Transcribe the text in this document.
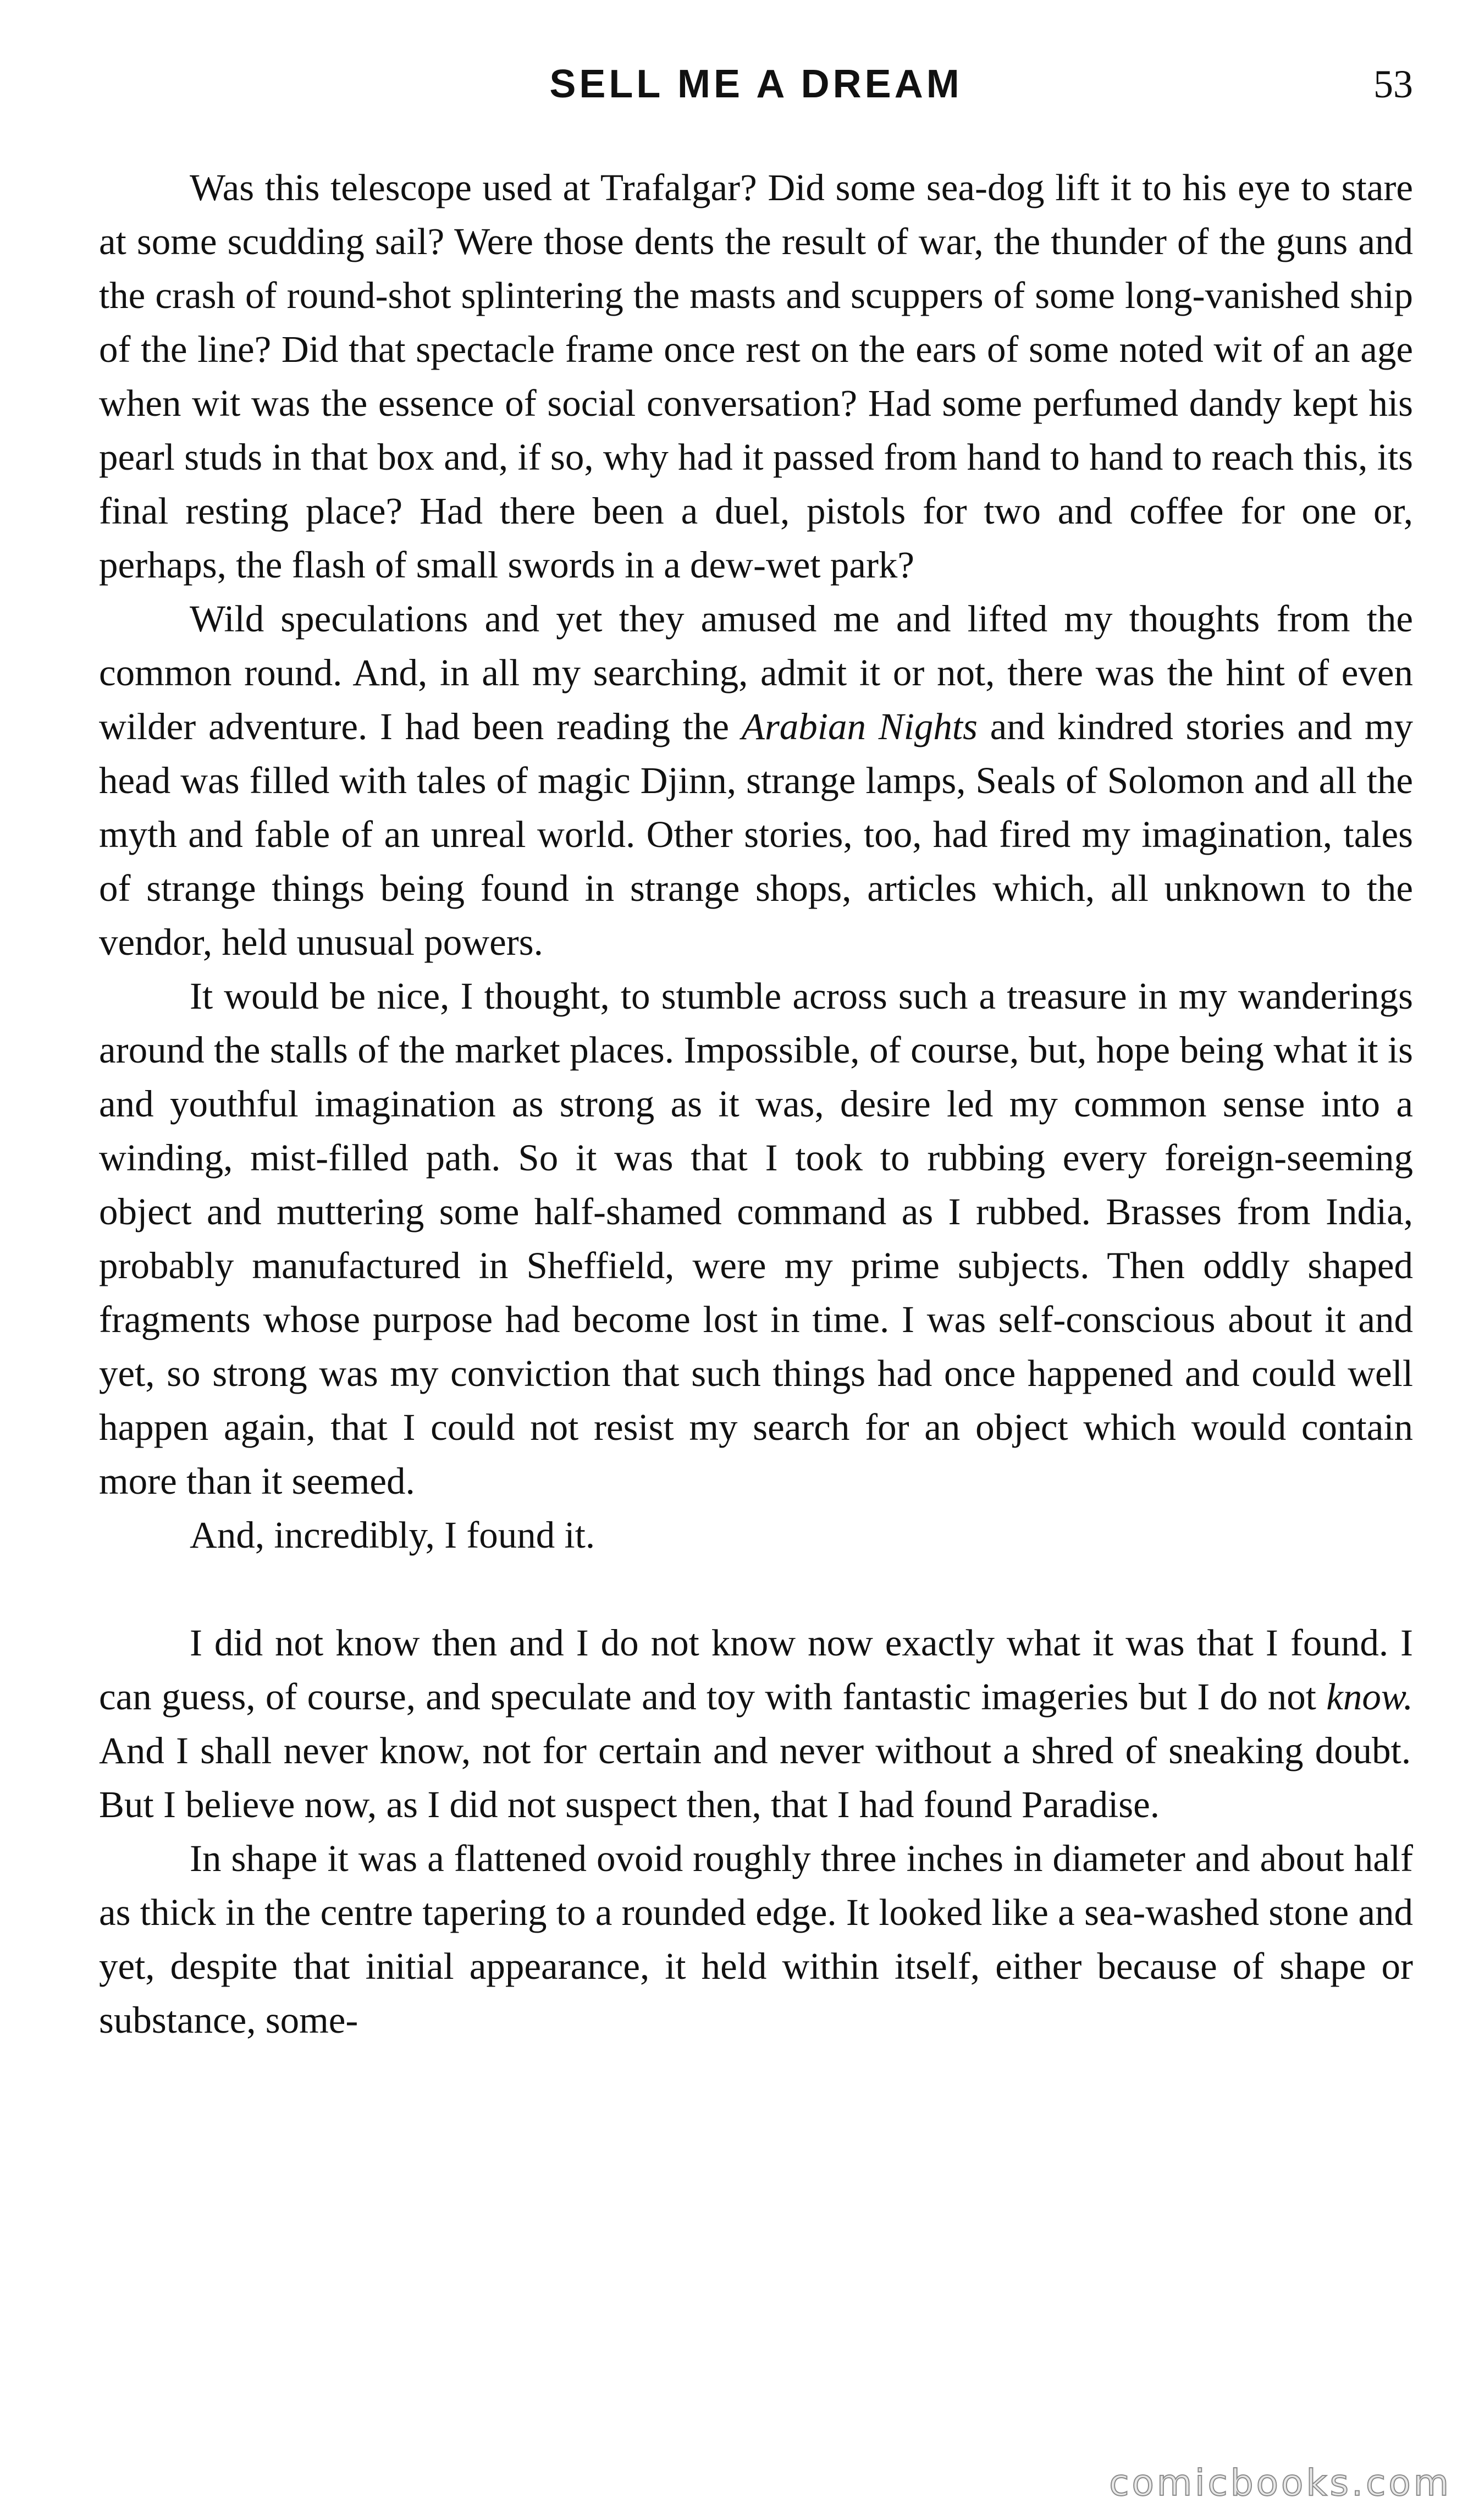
SELL ME A DREAM	53

Was this telescope used at Trafalgar? Did some sea-dog lift it to his eye to stare at some scudding sail? Were those dents the result of war, the thunder of the guns and the crash of round-shot splintering the masts and scuppers of some long-vanished ship of the line? Did that spectacle frame once rest on the ears of some noted wit of an age when wit was the essence of social conversation? Had some perfumed dandy kept his pearl studs in that box and, if so, why had it passed from hand to hand to reach this, its final resting place? Had there been a duel, pistols for two and coffee for one or, perhaps, the flash of small swords in a dew-wet park?

Wild speculations and yet they amused me and lifted my thoughts from the common round. And, in all my searching, admit it or not, there was the hint of even wilder adventure. I had been reading the Arabian Nights and kindred stories and my head was filled with tales of magic Djinn, strange lamps, Seals of Solomon and all the myth and fable of an unreal world. Other stories, too, had fired my imagination, tales of strange things being found in strange shops, articles which, all unknown to the vendor, held unusual powers.

It would be nice, I thought, to stumble across such a treasure in my wanderings around the stalls of the market places. Impossible, of course, but, hope being what it is and youthful imagination as strong as it was, desire led my common sense into a winding, mist-filled path. So it was that I took to rubbing every foreign-seeming object and muttering some half-shamed command as I rubbed. Brasses from India, probably manufactured in Sheffield, were my prime subjects. Then oddly shaped fragments whose purpose had become lost in time. I was self-conscious about it and yet, so strong was my conviction that such things had once happened and could well happen again, that I could not resist my search for an object which would contain more than it seemed.

And, incredibly, I found it.

I did not know then and I do not know now exactly what it was that I found. I can guess, of course, and speculate and toy with fantastic imageries but I do not know. And I shall never know, not for certain and never without a shred of sneaking doubt. But I believe now, as I did not suspect then, that I had found Paradise.

In shape it was a flattened ovoid roughly three inches in diameter and about half as thick in the centre tapering to a rounded edge. It looked like a sea-washed stone and yet, despite that initial appearance, it held within itself, either because of shape or substance, some-

comicbooks.com
